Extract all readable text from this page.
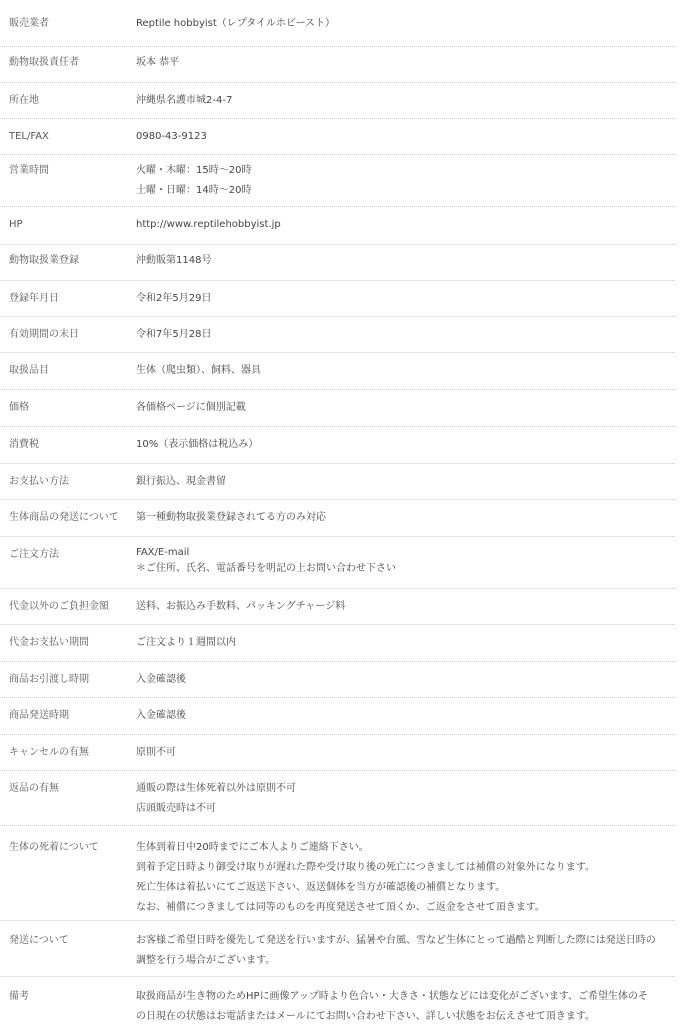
販売業者	Reptile hobbyist（レプタイルホビースト）
動物取扱責任者	坂本 恭平
所在地	沖縄県名護市城2-4-7
TEL/FAX	0980-43-9123
営業時間	火曜・木曜：15時〜20時
土曜・日曜：14時〜20時
HP	http://www.reptilehobbyist.jp
動物取扱業登録	沖動販第1148号
登録年月日	令和2年5月29日
有効期間の末日	令和7年5月28日
取扱品目	生体（爬虫類）、飼料、器具
価格	各価格ページに個別記載
消費税	10%（表示価格は税込み）
お支払い方法	銀行振込、現金書留
生体商品の発送について	第一種動物取扱業登録されてる方のみ対応
ご注文方法	FAX/E-mail
＊ご住所、氏名、電話番号を明記の上お問い合わせ下さい
代金以外のご負担金額	送料、お振込み手数料、パッキングチャージ料
代金お支払い期間	ご注文より１週間以内
商品お引渡し時期	入金確認後
商品発送時期	入金確認後
キャンセルの有無	原則不可
返品の有無	通販の際は生体死着以外は原則不可
店頭販売時は不可
生体の死着について	生体到着日中20時までにご本人よりご連絡下さい。
到着予定日時より御受け取りが遅れた際や受け取り後の死亡につきましては補償の対象外になります。
死亡生体は着払いにてご返送下さい、返送個体を当方が確認後の補償となります。
なお、補償につきましては同等のものを再度発送させて頂くか、ご返金をさせて頂きます。
発送について	お客様ご希望日時を優先して発送を行いますが、猛暑や台風、雪など生体にとって過酷と判断した際には発送日時の
調整を行う場合がございます。
備考	取扱商品が生き物のためHPに画像アップ時より色合い・大きさ・状態などには変化がございます、ご希望生体のそ
の日現在の状態はお電話またはメールにてお問い合わせ下さい、詳しい状態をお伝えさせて頂きます。
